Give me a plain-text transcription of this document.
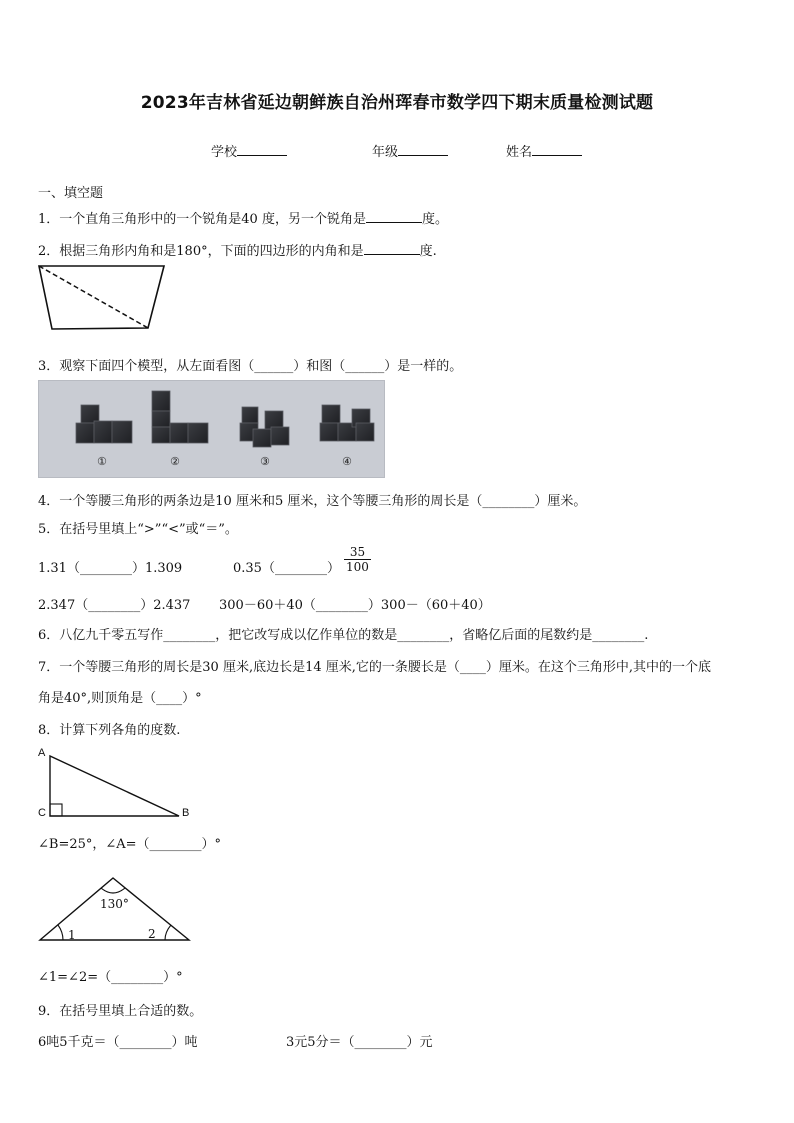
2023年吉林省延边朝鲜族自治州珲春市数学四下期末质量检测试题
学校	年级	姓名
一、填空题
1．一个直角三角形中的一个锐角是40 度，另一个锐角是	度。
2．根据三角形内角和是180°，下面的四边形的内角和是	度.
3．观察下面四个模型，从左面看图（______）和图（______）是一样的。
①	②	③	④
4．一个等腰三角形的两条边是10 厘米和5 厘米，这个等腰三角形的周长是（________）厘米。
5．在括号里填上“>”“<”或“＝”。
1.31（________）1.309	0.35（________） $\frac{35}{100}$
2.347（________）2.437 300－60＋40（________）300－（60＋40）
6．八亿九千零五写作________，把它改写成以亿作单位的数是________，省略亿后面的尾数约是________.
7．一个等腰三角形的周长是30 厘米,底边长是14 厘米,它的一条腰长是（____）厘米。在这个三角形中,其中的一个底
角是40°,则顶角是（____）°
8．计算下列各角的度数.
A
C	B
∠B=25°，∠A=（________）°
130°
1	2
∠1=∠2=（________）°
9．在括号里填上合适的数。
6吨5千克＝（________）吨	3元5分＝（________）元
